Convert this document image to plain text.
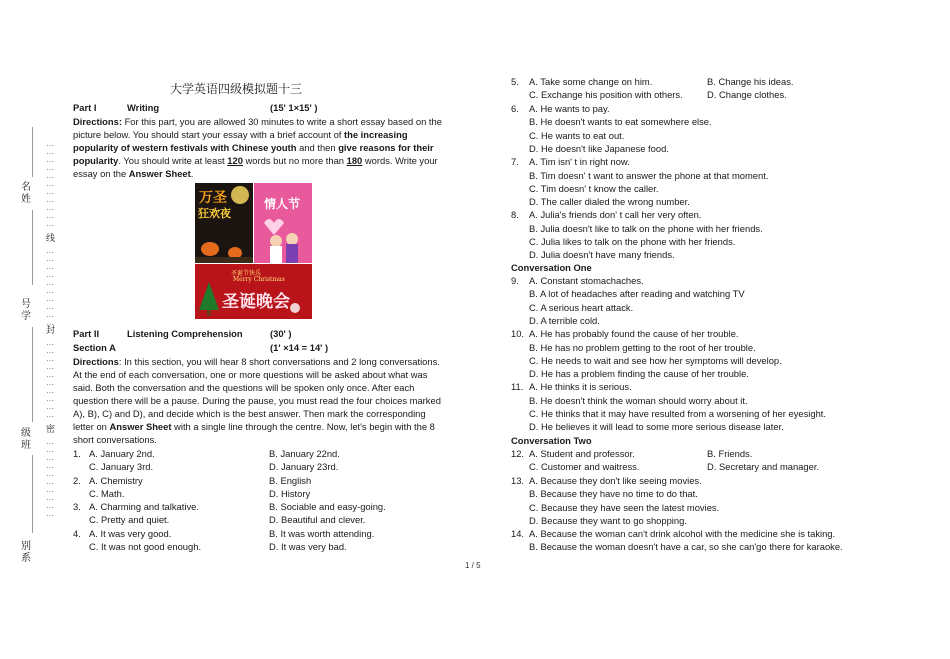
名姓
号学
级班
别系
…
…
…
…
…
…
…
…
…
…
…
线
…
…
…
…
…
…
…
…
…
…
封
…
…
…
…
…
…
…
…
…
…
密
…
…
…
…
…
…
…
…
…
…
大学英语四级模拟题十三
Part I	Writing	(15' 1×15' )
Directions: For this part, you are allowed 30 minutes to write a short essay based on the
picture below. You should start your essay with a brief account of the increasing
popularity of western festivals with Chinese youth and then give reasons for their
popularity. You should write at least 120 words but no more than 180 words. Write your
essay on the Answer Sheet.
万圣
狂欢夜
情人节
圣诞节快乐
Merry Christmas
圣诞晚会
Part II	Listening Comprehension	(30' )
Section A	(1' ×14 = 14' )
Directions: In this section, you will hear 8 short conversations and 2 long conversations.
At the end of each conversation, one or more questions will be asked about what was
said. Both the conversation and the questions will be spoken only once. After each
question there will be a pause. During the pause, you must read the four choices marked
A), B), C) and D), and decide which is the best answer. Then mark the corresponding
letter on Answer Sheet with a single line through the centre. Now, let's begin with the 8
short conversations.
1. A. January 2nd.	B. January 22nd.
C. January 3rd.	D. January 23rd.
2. A. Chemistry	B. English
C. Math.	D. History
3. A. Charming and talkative.	B. Sociable and easy-going.
C. Pretty and quiet.	D. Beautiful and clever.
4. A. It was very good.	B. It was worth attending.
C. It was not good enough.	D. It was very bad.
5. A. Take some change on him.	B. Change his ideas.
C. Exchange his position with others.	D. Change clothes.
6. A. He wants to pay.
B. He doesn't wants to eat somewhere else.
C. He wants to eat out.
D. He doesn't like Japanese food.
7. A. Tim isn' t in right now.
B. Tim doesn' t want to answer the phone at that moment.
C. Tim doesn' t know the caller.
D. The caller dialed the wrong number.
8. A. Julia's friends don' t call her very often.
B. Julia doesn't like to talk on the phone with her friends.
C. Julia likes to talk on the phone with her friends.
D. Julia doesn't have many friends.
Conversation One
9. A. Constant stomachaches.
B. A lot of headaches after reading and watching TV
C. A serious heart attack.
D. A terrible cold.
10. A. He has probably found the cause of her trouble.
B. He has no problem getting to the root of her trouble.
C. He needs to wait and see how her symptoms will develop.
D. He has a problem finding the cause of her trouble.
11. A. He thinks it is serious.
B. He doesn't think the woman should worry about it.
C. He thinks that it may have resulted from a worsening of her eyesight.
D. He believes it will lead to some more serious disease later.
Conversation Two
12. A. Student and professor.	B. Friends.
C. Customer and waitress.	D. Secretary and manager.
13. A. Because they don't like seeing movies.
B. Because they have no time to do that.
C. Because they have seen the latest movies.
D. Because they want to go shopping.
14. A. Because the woman can't drink alcohol with the medicine she is taking.
B. Because the woman doesn't have a car, so she can'go there for karaoke.
1 / 5
